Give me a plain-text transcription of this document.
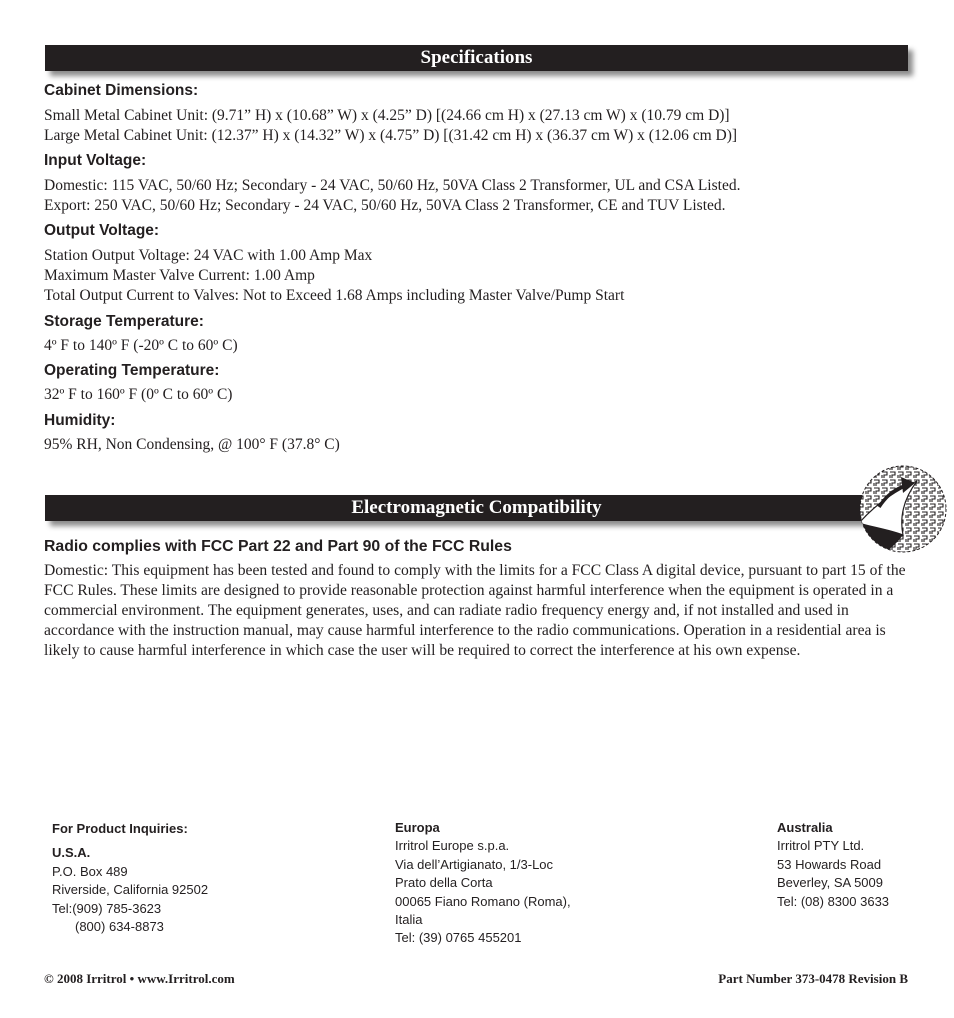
Specifications
Cabinet Dimensions:
Small Metal Cabinet Unit: (9.71” H) x (10.68” W) x (4.25” D) [(24.66 cm H) x (27.13 cm W) x (10.79 cm D)]
Large Metal Cabinet Unit: (12.37” H) x (14.32” W) x (4.75” D) [(31.42 cm H) x (36.37 cm W) x (12.06 cm D)]
Input Voltage:
Domestic: 115 VAC, 50/60 Hz; Secondary - 24 VAC, 50/60 Hz, 50VA Class 2 Transformer, UL and CSA Listed.
Export: 250 VAC, 50/60 Hz; Secondary - 24 VAC, 50/60 Hz, 50VA Class 2 Transformer, CE and TUV Listed.
Output Voltage:
Station Output Voltage: 24 VAC with 1.00 Amp Max
Maximum Master Valve Current: 1.00 Amp
Total Output Current to Valves: Not to Exceed 1.68 Amps including Master Valve/Pump Start
Storage Temperature:
4º F to 140º F (-20º C to 60º C)
Operating Temperature:
32º F to 160º F (0º C to 60º C)
Humidity:
95% RH, Non Condensing, @ 100° F (37.8° C)
Electromagnetic Compatibility
Radio complies with FCC Part 22 and Part 90 of the FCC Rules
Domestic: This equipment has been tested and found to comply with the limits for a FCC Class A digital device, pursuant to part 15 of the FCC Rules. These limits are designed to provide reasonable protection against harmful interference when the equipment is operated in a commercial environment. The equipment generates, uses, and can radiate radio frequency energy and, if not installed and used in accordance with the instruction manual, may cause harmful interference to the radio communications. Operation in a residential area is likely to cause harmful interference in which case the user will be required to correct the interference at his own expense.
For Product Inquiries:
U.S.A.
P.O. Box 489
Riverside, California 92502
Tel:(909) 785-3623
(800) 634-8873
Europa
Irritrol Europe s.p.a.
Via dell’Artigianato, 1/3-Loc
Prato della Corta
00065 Fiano Romano (Roma),
Italia
Tel: (39) 0765 455201
Australia
Irritrol PTY Ltd.
53 Howards Road
Beverley, SA 5009
Tel: (08) 8300 3633
© 2008 Irritrol • www.Irritrol.com	Part Number 373-0478 Revision B
